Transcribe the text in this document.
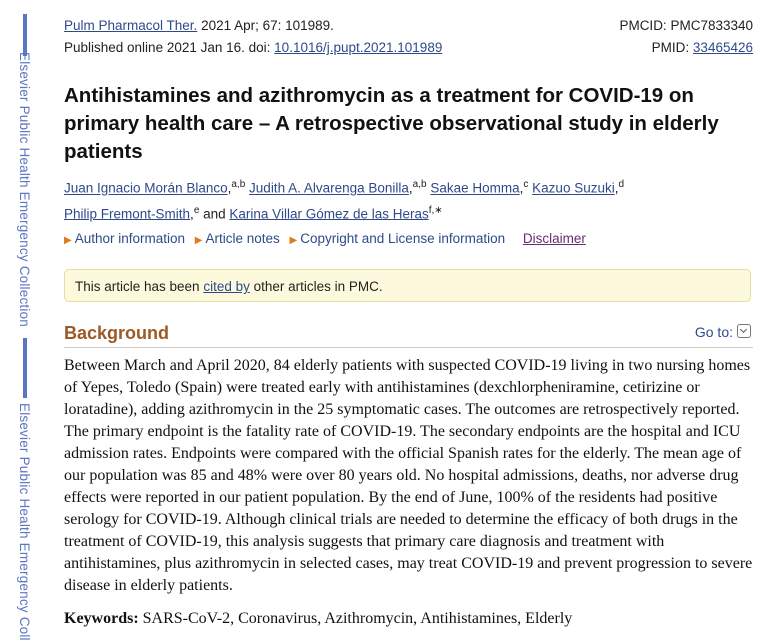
Elsevier Public Health Emergency Collection
Elsevier Public Health Emergency Coll
Pulm Pharmacol Ther. 2021 Apr; 67: 101989.	PMCID: PMC7833340
Published online 2021 Jan 16. doi: 10.1016/j.pupt.2021.101989	PMID: 33465426
Antihistamines and azithromycin as a treatment for COVID-19 on primary health care – A retrospective observational study in elderly patients
Juan Ignacio Morán Blanco,$^{a,b}$ Judith A. Alvarenga Bonilla,$^{a,b}$ Sakae Homma,$^c$ Kazuo Suzuki,$^d$
Philip Fremont-Smith,$^e$ and Karina Villar Gómez de las Heras$^{f,∗}$
▶ Author information ▶ Article notes ▶ Copyright and License information Disclaimer
This article has been cited by other articles in PMC.
Background	Go to:

Between March and April 2020, 84 elderly patients with suspected COVID-19 living in two nursing homes of Yepes, Toledo (Spain) were treated early with antihistamines (dexchlorpheniramine, cetirizine or loratadine), adding azithromycin in the 25 symptomatic cases. The outcomes are retrospectively reported. The primary endpoint is the fatality rate of COVID-19. The secondary endpoints are the hospital and ICU admission rates. Endpoints were compared with the official Spanish rates for the elderly. The mean age of our population was 85 and 48% were over 80 years old. No hospital admissions, deaths, nor adverse drug effects were reported in our patient population. By the end of June, 100% of the residents had positive serology for COVID-19. Although clinical trials are needed to determine the efficacy of both drugs in the treatment of COVID-19, this analysis suggests that primary care diagnosis and treatment with antihistamines, plus azithromycin in selected cases, may treat COVID-19 and prevent progression to severe disease in elderly patients.

Keywords: SARS-CoV-2, Coronavirus, Azithromycin, Antihistamines, Elderly
